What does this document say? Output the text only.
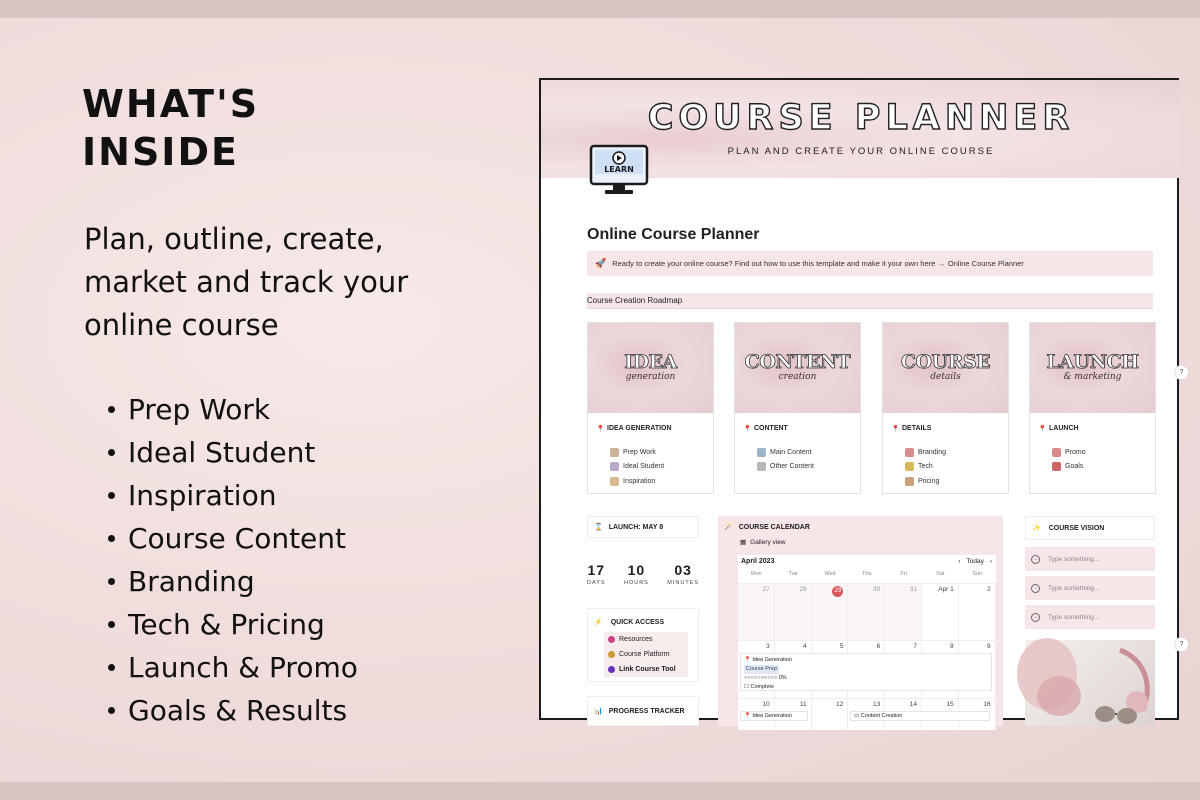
WHAT'S
INSIDE
Plan, outline, create, market and track your online course
Prep Work
Ideal Student
Inspiration
Course Content
Branding
Tech & Pricing
Launch & Promo
Goals & Results
COURSE PLANNER
PLAN AND CREATE YOUR ONLINE COURSE
LEARN
Online Course Planner
🚀 Ready to create your online course? Find out how to use this template and make it your own here → Online Course Planner
Course Creation Roadmap
IDEA
generation
📍 IDEA GENERATION
Prep Work
Ideal Student
Inspiration
CONTENT
creation
📍 CONTENT
Main Content
Other Content
COURSE
details
📍 DETAILS
Branding
Tech
Pricing
LAUNCH
& marketing
📍 LAUNCH
Promo
Goals
?
⌛ LAUNCH: MAY 8
17
DAYS
10
HOURS
03
MINUTES
⚡ QUICK ACCESS
Resources
Course Platform
Link Course Tool
📊 PROGRESS TRACKER
🪄 COURSE CALENDAR
▦ Gallery view
April 2023	‹ Today ›
Mon	Tue	Wed	Thu	Fri	Sat	Sun
27	28	29	30	31	Apr 1	2
3	4	5	6	7	8	9
📍 Idea Generation
Course Prep
○○○○○○○○○○ 0%
☐ Complete
10	11	12	13	14	15	16
📍 Idea Generation	▭ Content Creation
✨ COURSE VISION
→	Type something...
→	Type something...
→	Type something...
?
